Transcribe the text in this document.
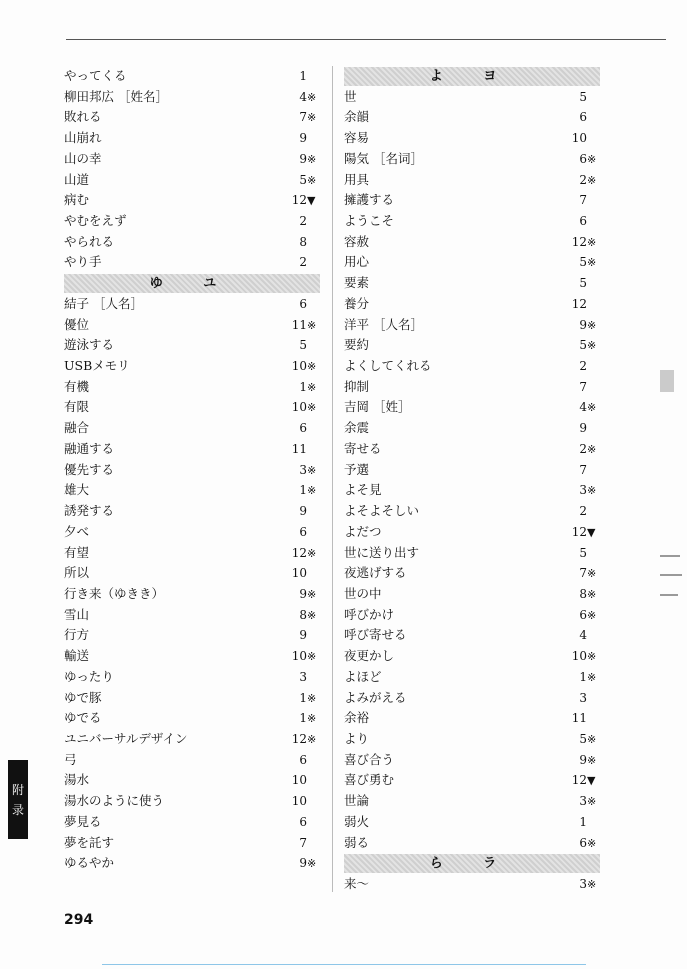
やってくる	1
柳田邦広 ［姓名］	4※
敗れる	7※
山崩れ	9
山の幸	9※
山道	5※
病む	12▼
やむをえず	2
やられる	8
やり手	2
ゆ ユ
結子 ［人名］	6
優位	11※
遊泳する	5
USBメモリ	10※
有機	1※
有限	10※
融合	6
融通する	11
優先する	3※
雄大	1※
誘発する	9
夕べ	6
有望	12※
所以	10
行き来（ゆきき）	9※
雪山	8※
行方	9
輸送	10※
ゆったり	3
ゆで豚	1※
ゆでる	1※
ユニバーサルデザイン	12※
弓	6
湯水	10
湯水のように使う	10
夢見る	6
夢を託す	7
ゆるやか	9※
よ ヨ
世	5
余韻	6
容易	10
陽気 ［名词］	6※
用具	2※
擁護する	7
ようこそ	6
容赦	12※
用心	5※
要素	5
養分	12
洋平 ［人名］	9※
要約	5※
よくしてくれる	2
抑制	7
吉岡 ［姓］	4※
余震	9
寄せる	2※
予選	7
よそ見	3※
よそよそしい	2
よだつ	12▼
世に送り出す	5
夜逃げする	7※
世の中	8※
呼びかけ	6※
呼び寄せる	4
夜更かし	10※
よほど	1※
よみがえる	3
余裕	11
より	5※
喜び合う	9※
喜び勇む	12▼
世論	3※
弱火	1
弱る	6※
ら ラ
来～	3※
附
录
294
